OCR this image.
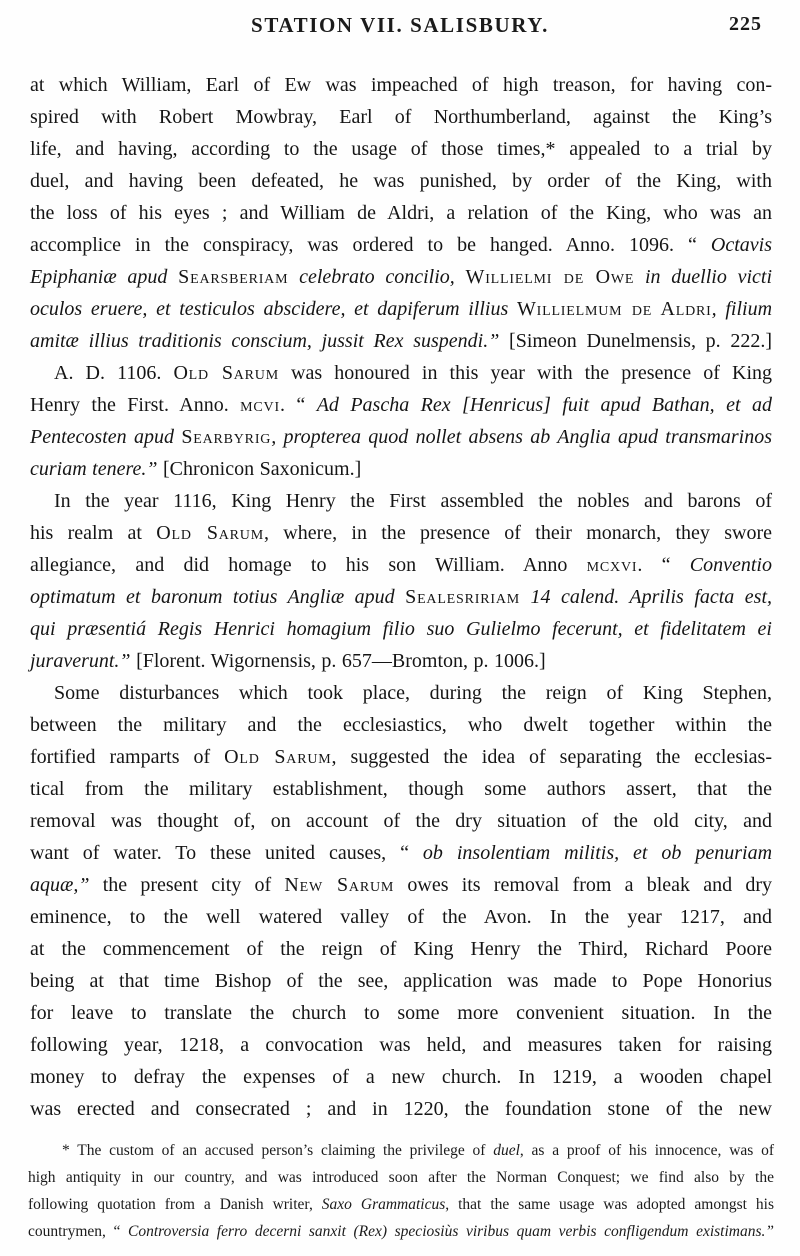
STATION VII. SALISBURY.	225
at which William, Earl of Ew was impeached of high treason, for having con-
spired with Robert Mowbray, Earl of Northumberland, against the King’s
life, and having, according to the usage of those times,* appealed to a trial by
duel, and having been defeated, he was punished, by order of the King, with
the loss of his eyes ; and William de Aldri, a relation of the King, who was an
accomplice in the conspiracy, was ordered to be hanged. Anno. 1096. “ Octavis
Epiphaniæ apud Searsberiam celebrato concilio, Willielmi de Owe in duellio victi
oculos eruere, et testiculos abscidere, et dapiferum illius Willielmum de Aldri, filium
amitæ illius traditionis conscium, jussit Rex suspendi.” [Simeon Dunelmensis, p. 222.]
A. D. 1106. Old Sarum was honoured in this year with the presence of King
Henry the First. Anno. mcvi. “ Ad Pascha Rex [Henricus] fuit apud Bathan, et ad
Pentecosten apud Searbyrig, propterea quod nollet absens ab Anglia apud transmarinos
curiam tenere.” [Chronicon Saxonicum.]
In the year 1116, King Henry the First assembled the nobles and barons of
his realm at Old Sarum, where, in the presence of their monarch, they swore
allegiance, and did homage to his son William. Anno mcxvi. “ Conventio
optimatum et baronum totius Angliæ apud Sealesririam 14 calend. Aprilis facta est,
qui præsentiá Regis Henrici homagium filio suo Gulielmo fecerunt, et fidelitatem ei
juraverunt.” [Florent. Wigornensis, p. 657—Bromton, p. 1006.]
Some disturbances which took place, during the reign of King Stephen,
between the military and the ecclesiastics, who dwelt together within the
fortified ramparts of Old Sarum, suggested the idea of separating the ecclesias-
tical from the military establishment, though some authors assert, that the
removal was thought of, on account of the dry situation of the old city, and
want of water. To these united causes, “ ob insolentiam militis, et ob penuriam
aquæ,” the present city of New Sarum owes its removal from a bleak and dry
eminence, to the well watered valley of the Avon. In the year 1217, and
at the commencement of the reign of King Henry the Third, Richard Poore
being at that time Bishop of the see, application was made to Pope Honorius
for leave to translate the church to some more convenient situation. In the
following year, 1218, a convocation was held, and measures taken for raising
money to defray the expenses of a new church. In 1219, a wooden chapel
was erected and consecrated ; and in 1220, the foundation stone of the new
* The custom of an accused person’s claiming the privilege of duel, as a proof of his innocence, was of
high antiquity in our country, and was introduced soon after the Norman Conquest; we find also by the
following quotation from a Danish writer, Saxo Grammaticus, that the same usage was adopted amongst his
countrymen, “ Controversia ferro decerni sanxit (Rex) speciosiùs viribus quam verbis confligendum existimans.”
